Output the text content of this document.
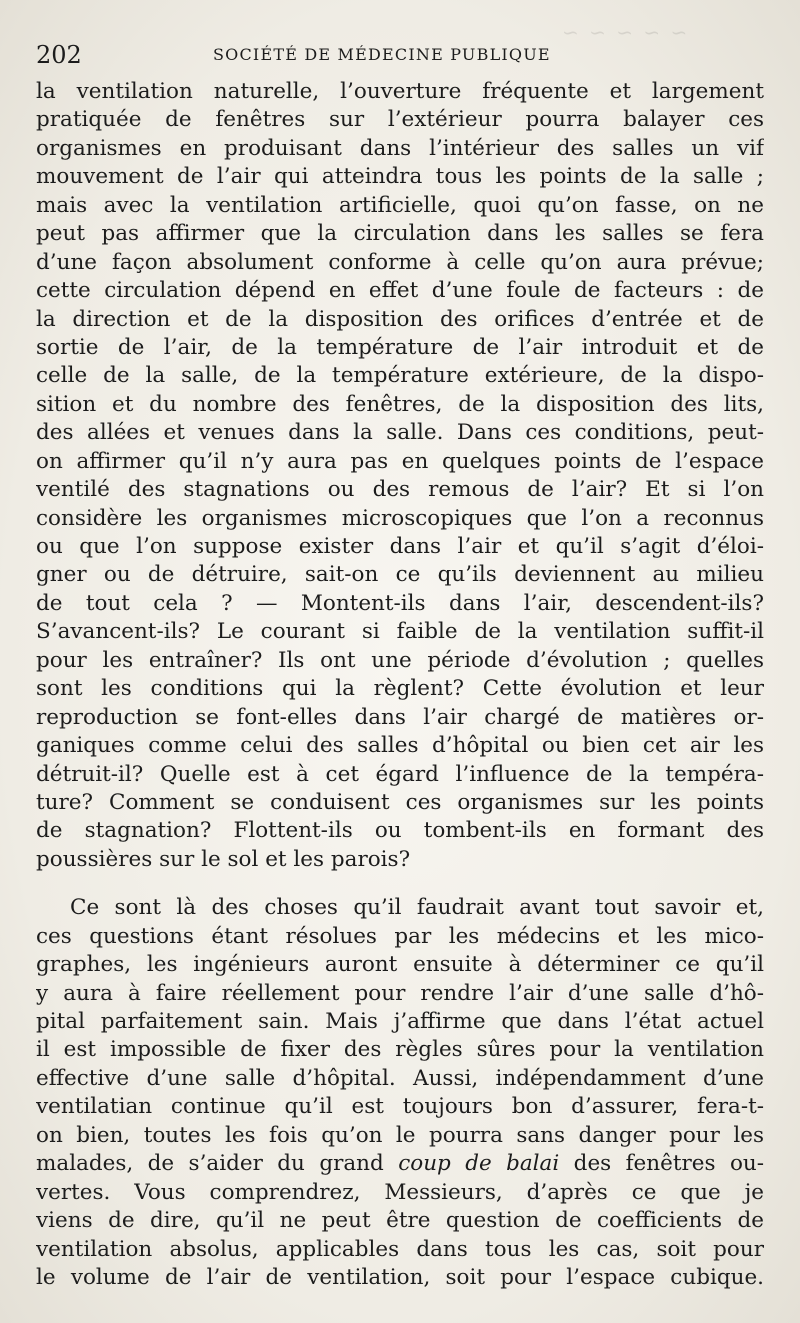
~ ~ ~ ~ ~
202	SOCIÉTÉ DE MÉDECINE PUBLIQUE
la ventilation naturelle, l’ouverture fréquente et largement
pratiquée de fenêtres sur l’extérieur pourra balayer ces
organismes en produisant dans l’intérieur des salles un vif
mouvement de l’air qui atteindra tous les points de la salle ;
mais avec la ventilation artificielle, quoi qu’on fasse, on ne
peut pas affirmer que la circulation dans les salles se fera
d’une façon absolument conforme à celle qu’on aura prévue;
cette circulation dépend en effet d’une foule de facteurs : de
la direction et de la disposition des orifices d’entrée et de
sortie de l’air, de la température de l’air introduit et de
celle de la salle, de la température extérieure, de la dispo-
sition et du nombre des fenêtres, de la disposition des lits,
des allées et venues dans la salle. Dans ces conditions, peut-
on affirmer qu’il n’y aura pas en quelques points de l’espace
ventilé des stagnations ou des remous de l’air? Et si l’on
considère les organismes microscopiques que l’on a reconnus
ou que l’on suppose exister dans l’air et qu’il s’agit d’éloi-
gner ou de détruire, sait-on ce qu’ils deviennent au milieu
de tout cela ? — Montent-ils dans l’air, descendent-ils?
S’avancent-ils? Le courant si faible de la ventilation suffit-il
pour les entraîner? Ils ont une période d’évolution ; quelles
sont les conditions qui la règlent? Cette évolution et leur
reproduction se font-elles dans l’air chargé de matières or-
ganiques comme celui des salles d’hôpital ou bien cet air les
détruit-il? Quelle est à cet égard l’influence de la tempéra-
ture? Comment se conduisent ces organismes sur les points
de stagnation? Flottent-ils ou tombent-ils en formant des
poussières sur le sol et les parois?
Ce sont là des choses qu’il faudrait avant tout savoir et,
ces questions étant résolues par les médecins et les mico-
graphes, les ingénieurs auront ensuite à déterminer ce qu’il
y aura à faire réellement pour rendre l’air d’une salle d’hô-
pital parfaitement sain. Mais j’affirme que dans l’état actuel
il est impossible de fixer des règles sûres pour la ventilation
effective d’une salle d’hôpital. Aussi, indépendamment d’une
ventilatian continue qu’il est toujours bon d’assurer, fera-t-
on bien, toutes les fois qu’on le pourra sans danger pour les
malades, de s’aider du grand coup de balai des fenêtres ou-
vertes. Vous comprendrez, Messieurs, d’après ce que je
viens de dire, qu’il ne peut être question de coefficients de
ventilation absolus, applicables dans tous les cas, soit pour
le volume de l’air de ventilation, soit pour l’espace cubique.
